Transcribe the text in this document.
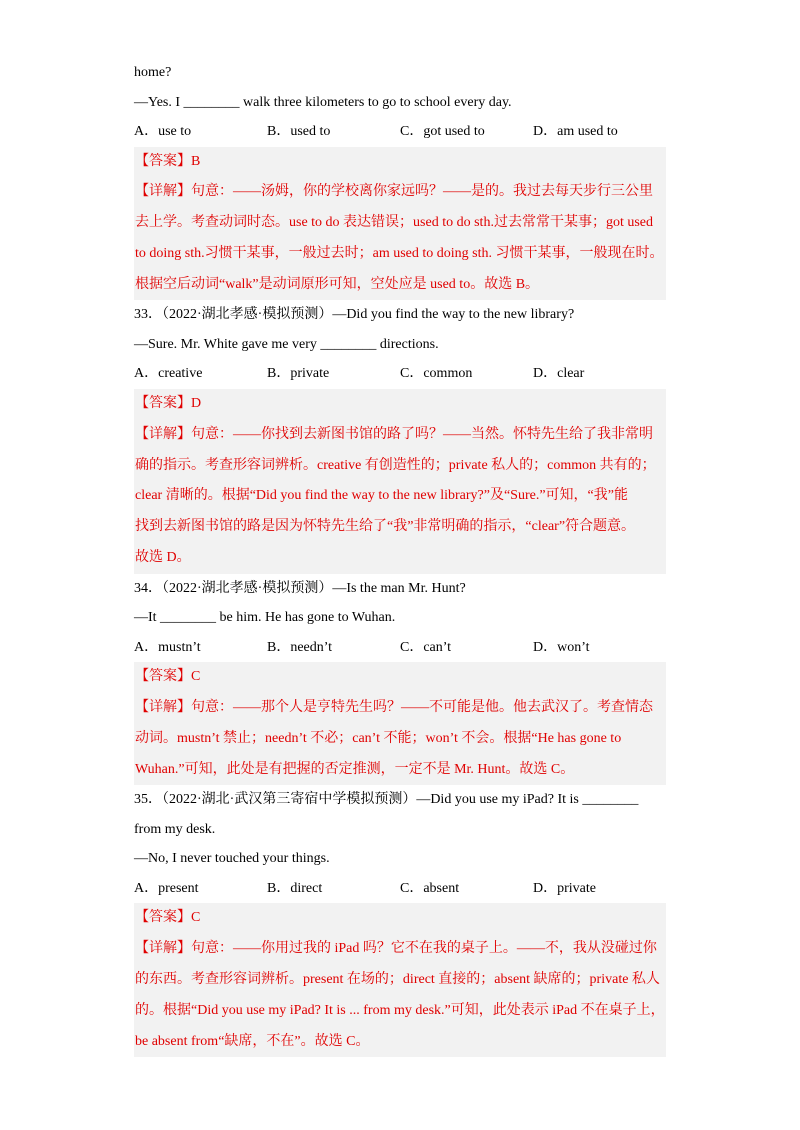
home?
―Yes. I ________ walk three kilometers to go to school every day.
A．use to	B．used to	C．got used to	D．am used to
【答案】B
【详解】句意：——汤姆，你的学校离你家远吗？——是的。我过去每天步行三公里
去上学。考查动词时态。use to do 表达错误；used to do sth.过去常常干某事；got used
to doing sth.习惯干某事，一般过去时；am used to doing sth. 习惯干某事，一般现在时。
根据空后动词“walk”是动词原形可知，空处应是 used to。故选 B。
33．（2022·湖北孝感·模拟预测）—Did you find the way to the new library?
—Sure. Mr. White gave me very ________ directions.
A．creative	B．private	C．common	D．clear
【答案】D
【详解】句意：——你找到去新图书馆的路了吗？——当然。怀特先生给了我非常明
确的指示。考查形容词辨析。creative 有创造性的；private 私人的；common 共有的；
clear 清晰的。根据“Did you find the way to the new library?”及“Sure.”可知，“我”能
找到去新图书馆的路是因为怀特先生给了“我”非常明确的指示，“clear”符合题意。
故选 D。
34．（2022·湖北孝感·模拟预测）—Is the man Mr. Hunt?
—It ________ be him. He has gone to Wuhan.
A．mustn’t	B．needn’t	C．can’t	D．won’t
【答案】C
【详解】句意：——那个人是亨特先生吗？——不可能是他。他去武汉了。考查情态
动词。mustn’t 禁止；needn’t 不必；can’t 不能；won’t 不会。根据“He has gone to
Wuhan.”可知，此处是有把握的否定推测，一定不是 Mr. Hunt。故选 C。
35．（2022·湖北·武汉第三寄宿中学模拟预测）—Did you use my iPad? It is ________
from my desk.
—No, I never touched your things.
A．present	B．direct	C．absent	D．private
【答案】C
【详解】句意：——你用过我的 iPad 吗？它不在我的桌子上。——不，我从没碰过你
的东西。考查形容词辨析。present 在场的；direct 直接的；absent 缺席的；private 私人
的。根据“Did you use my iPad? It is ... from my desk.”可知，此处表示 iPad 不在桌子上，
be absent from“缺席，不在”。故选 C。
